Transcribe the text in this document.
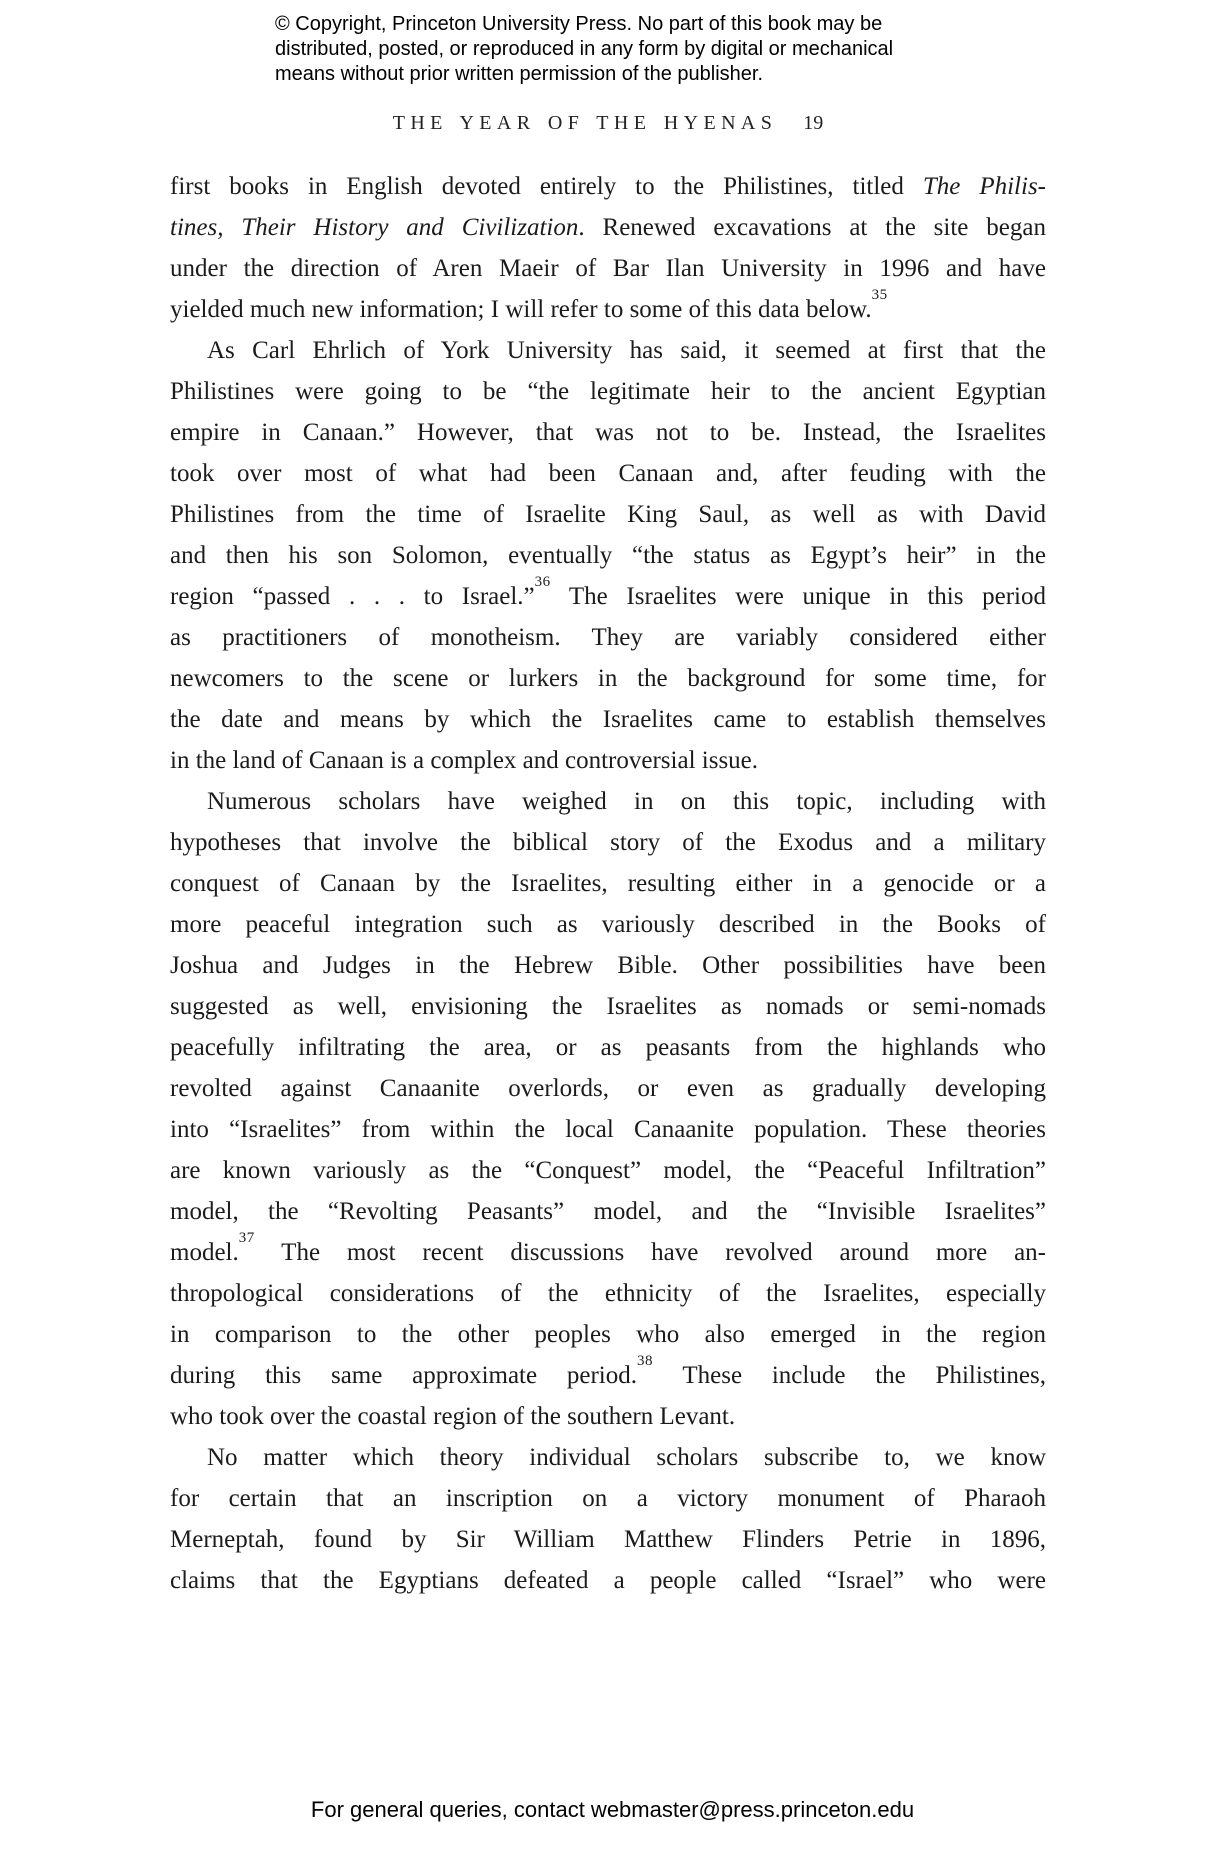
© Copyright, Princeton University Press. No part of this book may be
distributed, posted, or reproduced in any form by digital or mechanical
means without prior written permission of the publisher.
THE YEAR OF THE HYENAS 19
first books in English devoted entirely to the Philistines, titled The Philis-
tines, Their History and Civilization. Renewed excavations at the site began
under the direction of Aren Maeir of Bar Ilan University in 1996 and have
yielded much new information; I will refer to some of this data below.$^{35}$
As Carl Ehrlich of York University has said, it seemed at first that the
Philistines were going to be “the legitimate heir to the ancient Egyptian
empire in Canaan.” However, that was not to be. Instead, the Israelites
took over most of what had been Canaan and, after feuding with the
Philistines from the time of Israelite King Saul, as well as with David
and then his son Solomon, eventually “the status as Egypt’s heir” in the
region “passed . . . to Israel.”$^{36}$ The Israelites were unique in this period
as practitioners of monotheism. They are variably considered either
newcomers to the scene or lurkers in the background for some time, for
the date and means by which the Israelites came to establish themselves
in the land of Canaan is a complex and controversial issue.
Numerous scholars have weighed in on this topic, including with
hypotheses that involve the biblical story of the Exodus and a military
conquest of Canaan by the Israelites, resulting either in a genocide or a
more peaceful integration such as variously described in the Books of
Joshua and Judges in the Hebrew Bible. Other possibilities have been
suggested as well, envisioning the Israelites as nomads or semi-nomads
peacefully infiltrating the area, or as peasants from the highlands who
revolted against Canaanite overlords, or even as gradually developing
into “Israelites” from within the local Canaanite population. These theories
are known variously as the “Conquest” model, the “Peaceful Infiltration”
model, the “Revolting Peasants” model, and the “Invisible Israelites”
model.$^{37}$ The most recent discussions have revolved around more an-
thropological considerations of the ethnicity of the Israelites, especially
in comparison to the other peoples who also emerged in the region
during this same approximate period.$^{38}$ These include the Philistines,
who took over the coastal region of the southern Levant.
No matter which theory individual scholars subscribe to, we know
for certain that an inscription on a victory monument of Pharaoh
Merneptah, found by Sir William Matthew Flinders Petrie in 1896,
claims that the Egyptians defeated a people called “Israel” who were
For general queries, contact webmaster@press.princeton.edu
